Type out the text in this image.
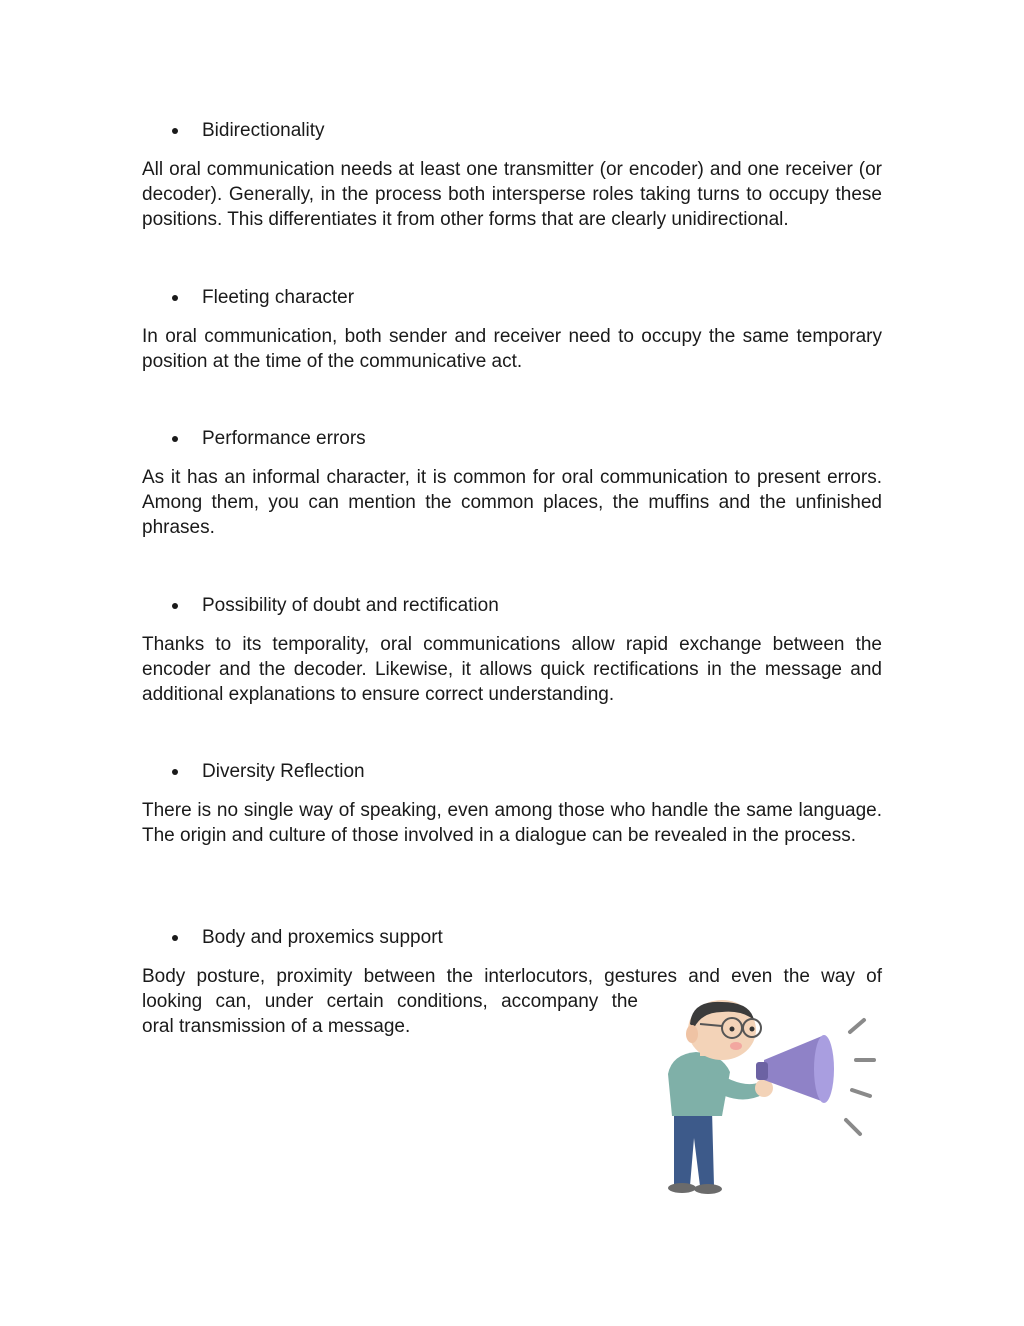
Bidirectionality
All oral communication needs at least one transmitter (or encoder) and one receiver (or decoder). Generally, in the process both intersperse roles taking turns to occupy these positions. This differentiates it from other forms that are clearly unidirectional.
Fleeting character
In oral communication, both sender and receiver need to occupy the same temporary position at the time of the communicative act.
Performance errors
As it has an informal character, it is common for oral communication to present errors. Among them, you can mention the common places, the muffins and the unfinished phrases.
Possibility of doubt and rectification
Thanks to its temporality, oral communications allow rapid exchange between the encoder and the decoder. Likewise, it allows quick rectifications in the message and additional explanations to ensure correct understanding.
Diversity Reflection
There is no single way of speaking, even among those who handle the same language. The origin and culture of those involved in a dialogue can be revealed in the process.
Body and proxemics support
Body posture, proximity between the interlocutors, gestures and even the way of
looking can, under certain conditions, accompany the
oral transmission of a message.
